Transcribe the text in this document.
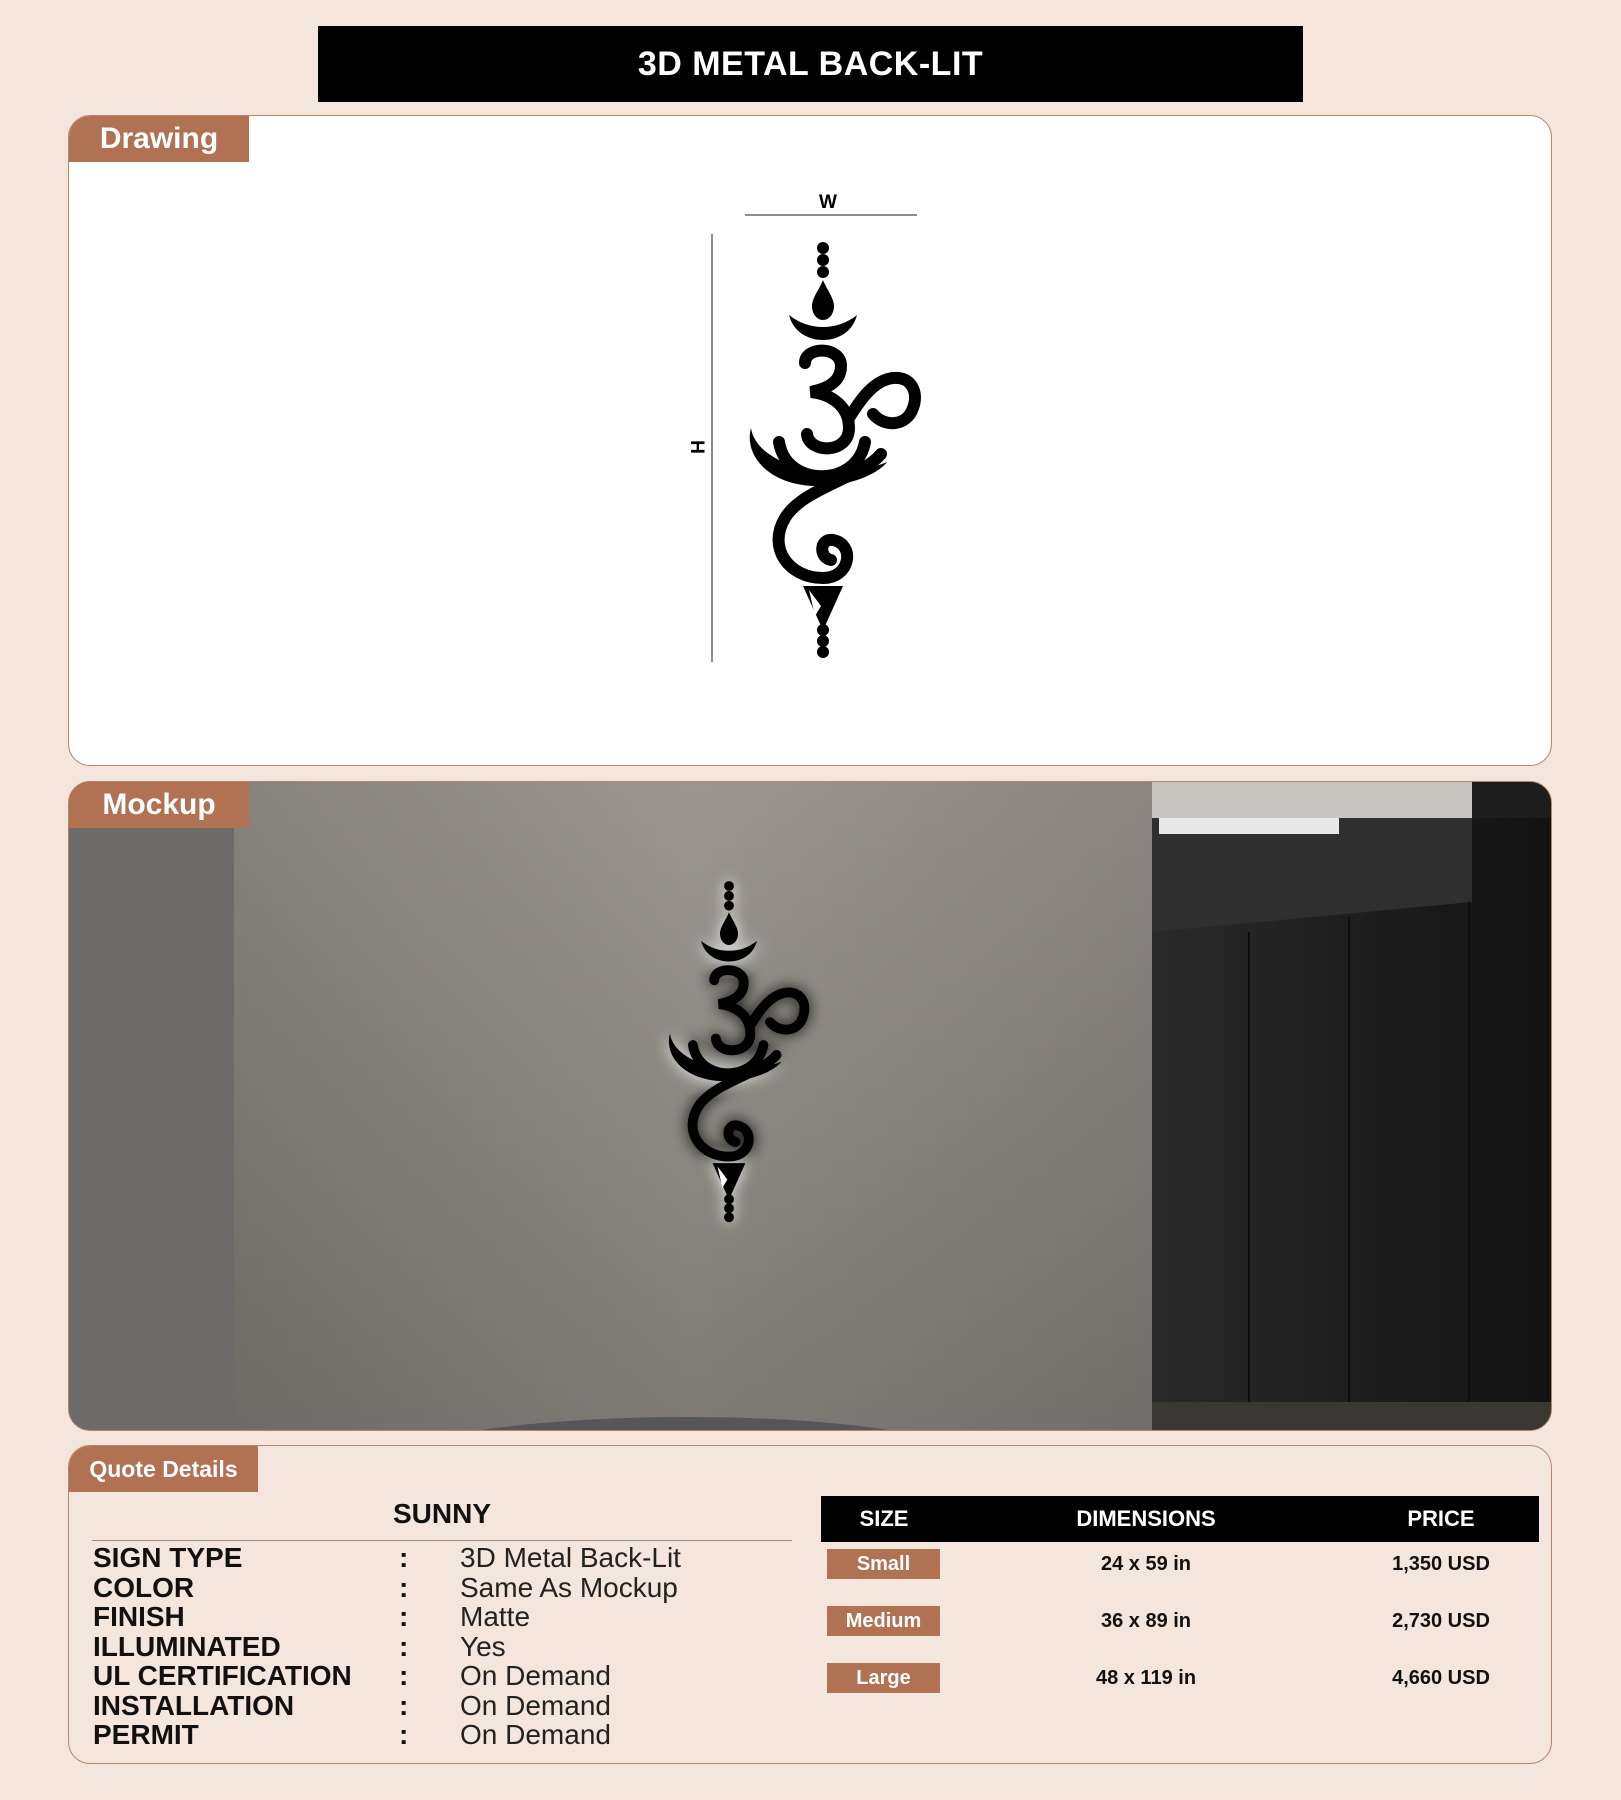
3D METAL BACK-LIT
Drawing
W
H
Mockup
Quote Details
SUNNY
SIGN TYPE	: 3D Metal Back-Lit
COLOR	: Same As Mockup
FINISH	: Matte
ILLUMINATED	: Yes
UL CERTIFICATION : On Demand
INSTALLATION	: On Demand
PERMIT	: On Demand
SIZE	DIMENSIONS	PRICE
Small	24 x 59 in	1,350 USD
Medium	36 x 89 in	2,730 USD
Large	48 x 119 in	4,660 USD
